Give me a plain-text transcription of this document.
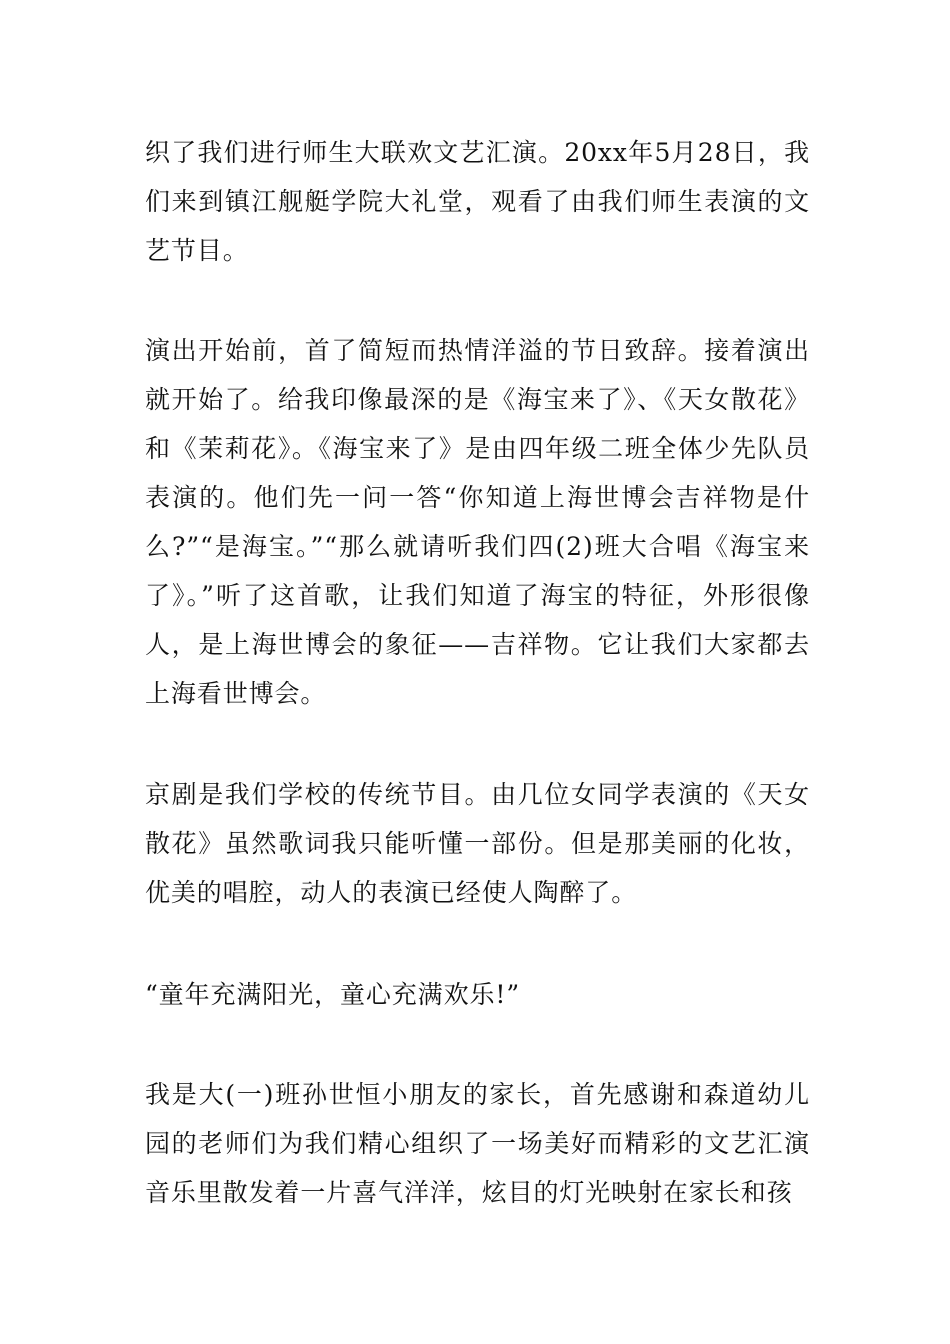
织了我们进行师生大联欢文艺汇演。20xx年5月28日，我们来到镇江舰艇学院大礼堂，观看了由我们师生表演的文艺节目。

演出开始前，首了简短而热情洋溢的节日致辞。接着演出就开始了。给我印像最深的是《海宝来了》、《天女散花》和《茉莉花》。《海宝来了》是由四年级二班全体少先队员表演的。他们先一问一答“你知道上海世博会吉祥物是什么?”“是海宝。”“那么就请听我们四(2)班大合唱《海宝来了》。”听了这首歌，让我们知道了海宝的特征，外形很像人，是上海世博会的象征——吉祥物。它让我们大家都去上海看世博会。

京剧是我们学校的传统节目。由几位女同学表演的《天女散花》虽然歌词我只能听懂一部份。但是那美丽的化妆，优美的唱腔，动人的表演已经使人陶醉了。

“童年充满阳光，童心充满欢乐!”

我是大(一)班孙世恒小朋友的家长，首先感谢和森道幼儿园的老师们为我们精心组织了一场美好而精彩的文艺汇演音乐里散发着一片喜气洋洋，炫目的灯光映射在家长和孩
